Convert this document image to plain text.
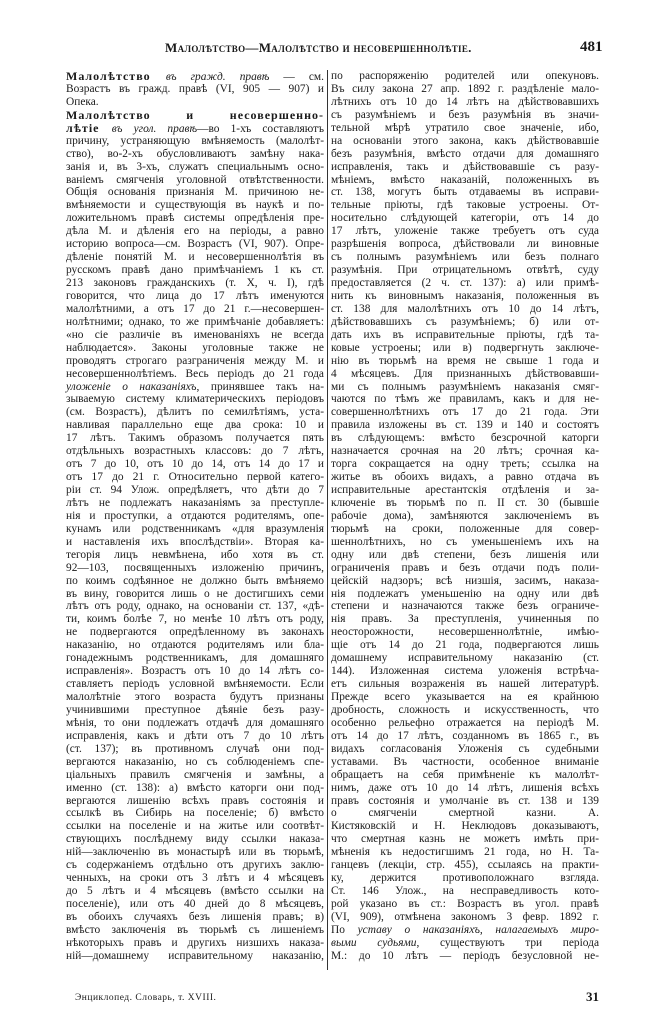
Малолѣтство—Малолѣтство и несовершеннолѣтіе.	481
Малолѣтство въ гражд. правѣ — см.
Возрастъ въ гражд. правѣ (VI, 905 — 907) и
Опека.
Малолѣтство и несовершенно-
лѣтіе въ угол. правѣ—во 1-хъ составляютъ
причину, устраняющую вмѣняемость (малолѣт-
ство), во-2-хъ обусловливаютъ замѣну нака-
занія и, въ 3-хъ, служатъ специальнымъ осно-
ваніемъ смягченія уголовной отвѣтственности.
Общія основанія признанія М. причиною не-
вмѣняемости и существующія въ наукѣ и по-
ложительномъ правѣ системы опредѣленія пре-
дѣла М. и дѣленія его на періоды, а равно
историю вопроса—см. Возрастъ (VI, 907). Опре-
дѣленіе понятій М. и несовершеннолѣтія въ
русскомъ правѣ дано примѣчаніемъ 1 къ ст.
213 законовъ гражданскихъ (т. X, ч. I), гдѣ
говорится, что лица до 17 лѣтъ именуются
малолѣтними, а отъ 17 до 21 г.—несовершен-
нолѣтними; однако, то же примѣчаніе добавляетъ:
«но сіе различіе въ именованіяхъ не всегда
наблюдается». Законы уголовные также не
проводятъ строгаго разграниченія между М. и
несовершеннолѣтіемъ. Весь періодъ до 21 года
уложеніе о наказаніяхъ, принявшее такъ на-
зываемую систему климатерическихъ періодовъ
(см. Возрастъ), дѣлитъ по семилѣтіямъ, уста-
навливая параллельно еще два срока: 10 и
17 лѣтъ. Такимъ образомъ получается пять
отдѣльныхъ возрастныхъ классовъ: до 7 лѣтъ,
отъ 7 до 10, отъ 10 до 14, отъ 14 до 17 и
отъ 17 до 21 г. Относительно первой катего-
ріи ст. 94 Улож. опредѣляетъ, что дѣти до 7
лѣтъ не подлежатъ наказаніямъ за преступле-
нія и проступки, а отдаются родителямъ, опе-
кунамъ или родственникамъ «для вразумленія
и наставленія ихъ впослѣдствіи». Вторая ка-
тегорія лицъ невмѣнена, ибо хотя въ ст.
92—103, посвященныхъ изложенію причинъ,
по коимъ содѣянное не должно быть вмѣняемо
въ вину, говорится лишь о не достигшихъ семи
лѣтъ отъ роду, однако, на основаніи ст. 137, «дѣ-
ти, коимъ болѣе 7, но менѣе 10 лѣтъ отъ роду,
не подвергаются опредѣленному въ законахъ
наказанію, но отдаются родителямъ или бла-
гонадежнымъ родственникамъ, для домашняго
исправленія». Возрастъ отъ 10 до 14 лѣтъ со-
ставляетъ періодъ условной вмѣняемости. Если
малолѣтніе этого возраста будутъ признаны
учинившими преступное дѣяніе безъ разу-
мѣнія, то они подлежатъ отдачѣ для домашняго
исправленія, какъ и дѣти отъ 7 до 10 лѣтъ
(ст. 137); въ противномъ случаѣ они под-
вергаются наказанію, но съ соблюденіемъ спе-
ціальныхъ правилъ смягченія и замѣны, а
именно (ст. 138): а) вмѣсто каторги они под-
вергаются лишенію всѣхъ правъ состоянія и
ссылкѣ въ Сибирь на поселеніе; б) вмѣсто
ссылки на поселеніе и на житье или соотвѣт-
ствующихъ послѣднему виду ссылки наказа-
ній—заключенію въ монастырѣ или въ тюрьмѣ,
съ содержаніемъ отдѣльно отъ другихъ заклю-
ченныхъ, на сроки отъ 3 лѣтъ и 4 мѣсяцевъ
до 5 лѣтъ и 4 мѣсяцевъ (вмѣсто ссылки на
поселеніе), или отъ 40 дней до 8 мѣсяцевъ,
въ обоихъ случаяхъ безъ лишенія правъ; в)
вмѣсто заключенія въ тюрьмѣ съ лишеніемъ
нѣкоторыхъ правъ и другихъ низшихъ наказа-
ній—домашнему исправительному наказанію,
по распоряженію родителей или опекуновъ.
Въ силу закона 27 апр. 1892 г. раздѣленіе мало-
лѣтнихъ отъ 10 до 14 лѣтъ на дѣйствовавшихъ
съ разумѣніемъ и безъ разумѣнія въ значи-
тельной мѣрѣ утратило свое значеніе, ибо,
на основаніи этого закона, какъ дѣйствовавшіе
безъ разумѣнія, вмѣсто отдачи для домашняго
исправленія, такъ и дѣйствовавшіе съ разу-
мѣніемъ, вмѣсто наказаній, положенныхъ въ
ст. 138, могутъ быть отдаваемы въ исправи-
тельные пріюты, гдѣ таковые устроены. От-
носительно слѣдующей категоріи, отъ 14 до
17 лѣтъ, уложеніе также требуетъ отъ суда
разрѣшенія вопроса, дѣйствовали ли виновные
съ полнымъ разумѣніемъ или безъ полнаго
разумѣнія. При отрицательномъ отвѣтѣ, суду
предоставляется (2 ч. ст. 137): а) или примѣ-
нить къ виновнымъ наказанія, положенныя въ
ст. 138 для малолѣтнихъ отъ 10 до 14 лѣтъ,
дѣйствовавшихъ съ разумѣніемъ; б) или от-
дать ихъ въ исправительные пріюты, гдѣ та-
ковые устроены; или в) подвергнуть заключе-
нію въ тюрьмѣ на время не свыше 1 года и
4 мѣсяцевъ. Для признанныхъ дѣйствовавши-
ми съ полнымъ разумѣніемъ наказанія смяг-
чаются по тѣмъ же правиламъ, какъ и для не-
совершеннолѣтнихъ отъ 17 до 21 года. Эти
правила изложены въ ст. 139 и 140 и состоятъ
въ слѣдующемъ: вмѣсто безсрочной каторги
назначается срочная на 20 лѣтъ; срочная ка-
торга сокращается на одну треть; ссылка на
житье въ обоихъ видахъ, а равно отдача въ
исправительные арестантскія отдѣленія и за-
ключеніе въ тюрьмѣ по п. II ст. 30 (бывшіе
рабочіе дома), замѣняются заключеніемъ въ
тюрьмѣ на сроки, положенные для совер-
шеннолѣтнихъ, но съ уменьшеніемъ ихъ на
одну или двѣ степени, безъ лишенія или
ограниченія правъ и безъ отдачи подъ поли-
цейскій надзоръ; всѣ низшія, засимъ, наказа-
нія подлежатъ уменьшенію на одну или двѣ
степени и назначаются также безъ ограниче-
нія правъ. За преступленія, учиненныя по
неосторожности, несовершеннолѣтніе, имѣю-
щіе отъ 14 до 21 года, подвергаются лишь
домашнему исправительному наказанію (ст.
144). Изложенная система уложенія встрѣча-
етъ сильныя возраженія въ нашей литературѣ.
Прежде всего указывается на ея крайнюю
дробность, сложность и искусственность, что
особенно рельефно отражается на періодѣ М.
отъ 14 до 17 лѣтъ, созданномъ въ 1865 г., въ
видахъ согласованія Уложенія съ судебными
уставами. Въ частности, особенное вниманіе
обращаетъ на себя примѣненіе къ малолѣт-
нимъ, даже отъ 10 до 14 лѣтъ, лишенія всѣхъ
правъ состоянія и умолчаніе въ ст. 138 и 139
о смягченіи смертной казни. А.
Кистяковскій и Н. Неклюдовъ доказываютъ,
что смертная казнь не можетъ имѣть при-
мѣненія къ недостигшимъ 21 года, но Н. Та-
ганцевъ (лекціи, стр. 455), ссылаясь на практи-
ку, держится противоположнаго взгляда.
Ст. 146 Улож., на несправедливость кото-
рой указано въ ст.: Возрастъ въ угол. правѣ
(VI, 909), отмѣнена закономъ 3 февр. 1892 г.
По уставу о наказаніяхъ, налагаемыхъ миро-
выми судьями, существуютъ три періода
М.: до 10 лѣтъ — періодъ безусловной не-
Энциклопед. Словарь, т. XVIII.	31
